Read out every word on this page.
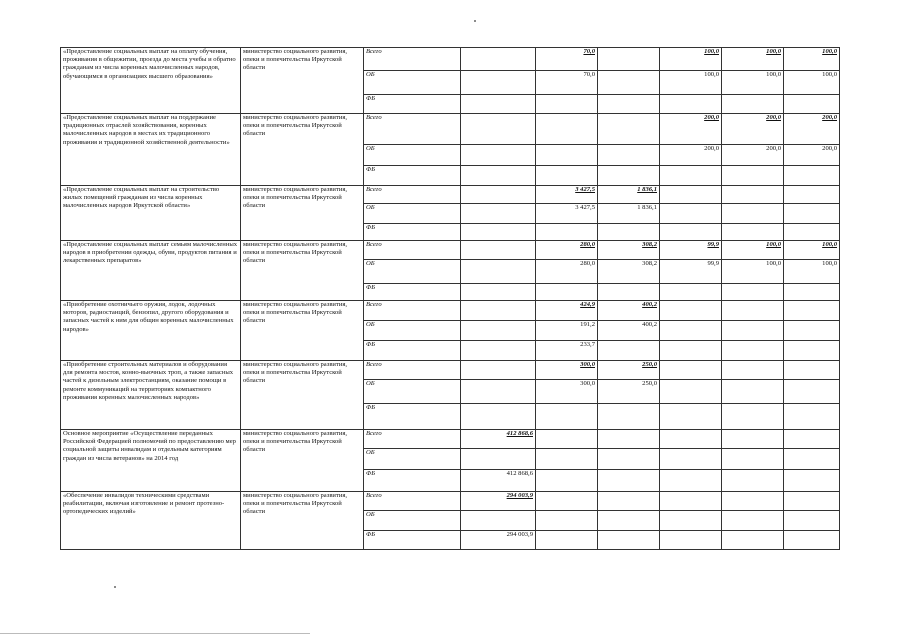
«Предоставление социальных выплат на оплату обучения, проживания в общежитии, проезда до места учебы и обратно гражданам из числа коренных малочисленных народов, обучающимся в организациях высшего образования»	министерство социального развития, опеки и попечительства Иркутской области	Всего		70,0		100,0	100,0	100,0	
		ОБ		70,0		100,0	100,0	100,0	
		ФБ							
«Предоставление социальных выплат на поддержание традиционных отраслей хозяйствования, коренных малочисленных народов в местах их традиционного проживания и традиционной хозяйственной деятельности»	министерство социального развития, опеки и попечительства Иркутской области	Всего				200,0	200,0	200,0	
		ОБ				200,0	200,0	200,0	
		ФБ							
«Предоставление социальных выплат на строительство жилых помещений гражданам из числа коренных малочисленных народов Иркутской области»	министерство социального развития, опеки и попечительства Иркутской области	Всего		3 427,5	1 836,1				
		ОБ		3 427,5	1 836,1				
		ФБ							
«Предоставление социальных выплат семьям малочисленных народов в приобретении одежды, обуви, продуктов питания и лекарственных препаратов»	министерство социального развития, опеки и попечительства Иркутской области	Всего		280,0	308,2	99,9	100,0	100,0	
		ОБ		280,0	308,2	99,9	100,0	100,0	
		ФБ							
«Приобретение охотничьего оружия, лодок, лодочных моторов, радиостанций, бензопил, другого оборудования и запасных частей к ним для общин коренных малочисленных народов»	министерство социального развития, опеки и попечительства Иркутской области	Всего		424,9	400,2				
		ОБ		191,2	400,2				
		ФБ		233,7					
«Приобретение строительных материалов и оборудования для ремонта мостов, конно-вьючных троп, а также запасных частей к дизельным электростанциям, оказание помощи в ремонте коммуникаций на территориях компактного проживания коренных малочисленных народов»	министерство социального развития, опеки и попечительства Иркутской области	Всего		300,0	250,0				
		ОБ		300,0	250,0				
		ФБ							
Основное мероприятие «Осуществление переданных Российской Федерацией полномочий по предоставлению мер социальной защиты инвалидам и отдельным категориям граждан из числа ветеранов» на 2014 год	министерство социального развития, опеки и попечительства Иркутской области	Всего	412 868,6						
		ОБ							
		ФБ	412 868,6						
«Обеспечение инвалидов техническими средствами реабилитации, включая изготовление и ремонт протезно-ортопедических изделий»	министерство социального развития, опеки и попечительства Иркутской области	Всего	294 003,9						
		ОБ							
		ФБ	294 003,9						
